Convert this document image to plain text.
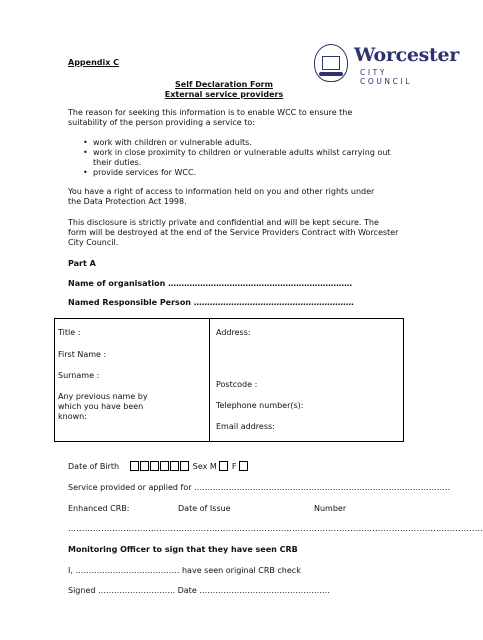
Worcester
CITY COUNCIL
Appendix C
Self Declaration Form
External service providers

The reason for seeking this information is to enable WCC to ensure the suitability of the person providing a service to:

• work with children or vulnerable adults.
• work in close proximity to children or vulnerable adults whilst carrying out their duties.
• provide services for WCC.

You have a right of access to information held on you and other rights under the Data Protection Act 1998.

This disclosure is strictly private and confidential and will be kept secure. The form will be destroyed at the end of the Service Providers Contract with Worcester City Council.

Part A
Name of organisation ……………………………………………………………
Named Responsible Person ……………………………………………………
Title :
First Name :
Surname :

Any previous name by which you have been known:

Address:
Postcode :
Telephone number(s):
Email address:
Date of Birth	Sex M F
Service provided or applied for ……………………………………………………………………………………
Enhanced CRB:	Date of Issue	Number
……………………………………………………………………………………………………………………………………
Monitoring Officer to sign that they have seen CRB
I, ………………………………… have seen original CRB check
Signed ……………………….. Date ………………………………………….
